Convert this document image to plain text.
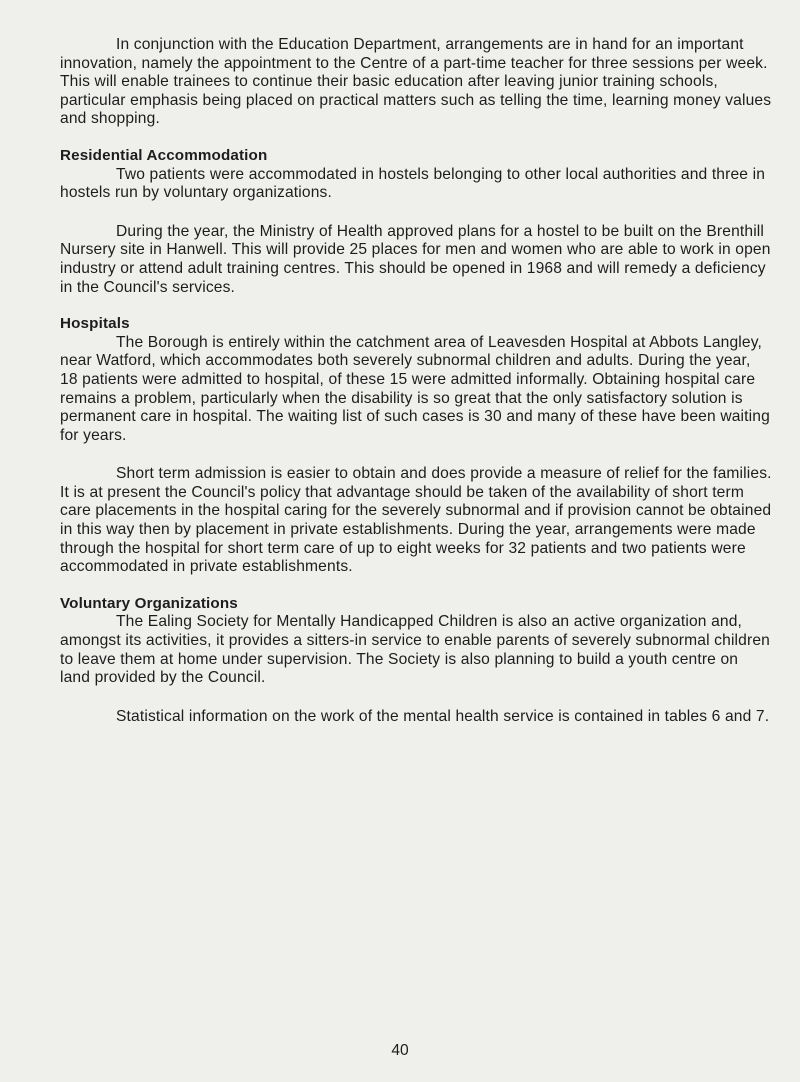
In conjunction with the Education Department, arrangements are in hand for an important innovation, namely the appointment to the Centre of a part-time teacher for three sessions per week. This will enable trainees to continue their basic education after leaving junior training schools, particular emphasis being placed on practical matters such as telling the time, learning money values and shopping.

Residential Accommodation

Two patients were accommodated in hostels belonging to other local authorities and three in hostels run by voluntary organizations.

During the year, the Ministry of Health approved plans for a hostel to be built on the Brenthill Nursery site in Hanwell. This will provide 25 places for men and women who are able to work in open industry or attend adult training centres. This should be opened in 1968 and will remedy a deficiency in the Council's services.

Hospitals

The Borough is entirely within the catchment area of Leavesden Hospital at Abbots Langley, near Watford, which accommodates both severely subnormal children and adults. During the year, 18 patients were admitted to hospital, of these 15 were admitted informally. Obtaining hospital care remains a problem, particularly when the disability is so great that the only satisfactory solution is permanent care in hospital. The waiting list of such cases is 30 and many of these have been waiting for years.

Short term admission is easier to obtain and does provide a measure of relief for the families. It is at present the Council's policy that advantage should be taken of the availability of short term care placements in the hospital caring for the severely subnormal and if provision cannot be obtained in this way then by placement in private establishments. During the year, arrangements were made through the hospital for short term care of up to eight weeks for 32 patients and two patients were accommodated in private establishments.

Voluntary Organizations

The Ealing Society for Mentally Handicapped Children is also an active organization and, amongst its activities, it provides a sitters-in service to enable parents of severely subnormal children to leave them at home under supervision. The Society is also planning to build a youth centre on land provided by the Council.

Statistical information on the work of the mental health service is contained in tables 6 and 7.

40
